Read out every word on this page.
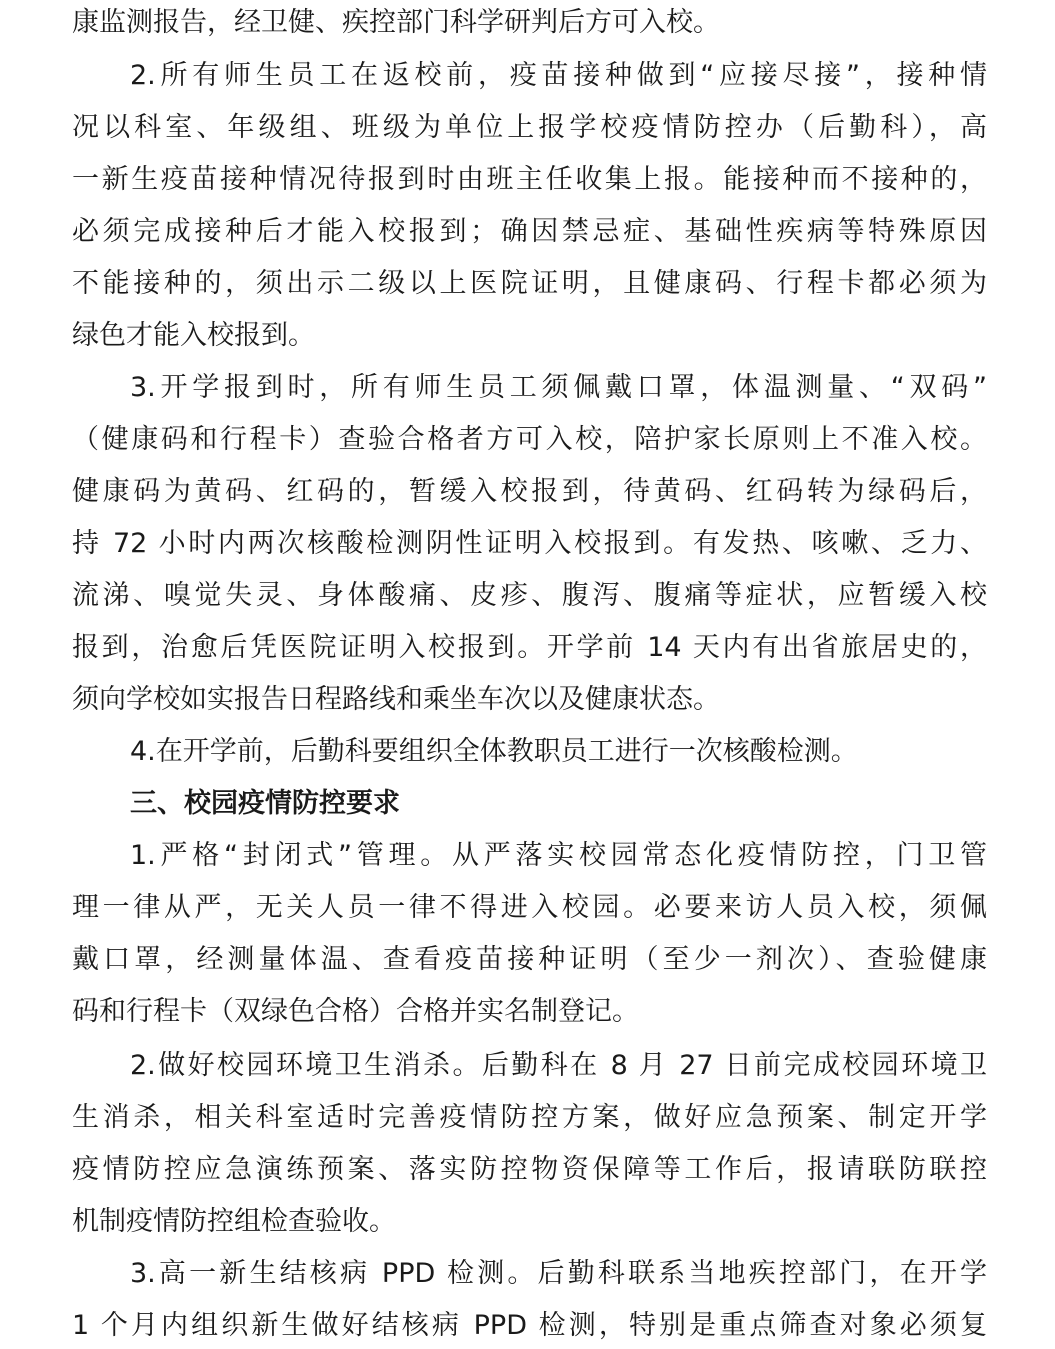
康监测报告，经卫健、疾控部门科学研判后方可入校。
2.所有师生员工在返校前，疫苗接种做到“应接尽接”，接种情
况以科室、年级组、班级为单位上报学校疫情防控办（后勤科），高
一新生疫苗接种情况待报到时由班主任收集上报。能接种而不接种的，
必须完成接种后才能入校报到；确因禁忌症、基础性疾病等特殊原因
不能接种的，须出示二级以上医院证明，且健康码、行程卡都必须为
绿色才能入校报到。
3.开学报到时，所有师生员工须佩戴口罩，体温测量、“双码”
（健康码和行程卡）查验合格者方可入校，陪护家长原则上不准入校。
健康码为黄码、红码的，暂缓入校报到，待黄码、红码转为绿码后，
持 72 小时内两次核酸检测阴性证明入校报到。有发热、咳嗽、乏力、
流涕、嗅觉失灵、身体酸痛、皮疹、腹泻、腹痛等症状，应暂缓入校
报到，治愈后凭医院证明入校报到。开学前 14 天内有出省旅居史的，
须向学校如实报告日程路线和乘坐车次以及健康状态。
4.在开学前，后勤科要组织全体教职员工进行一次核酸检测。
三、校园疫情防控要求
1.严格“封闭式”管理。从严落实校园常态化疫情防控，门卫管
理一律从严，无关人员一律不得进入校园。必要来访人员入校，须佩
戴口罩，经测量体温、查看疫苗接种证明（至少一剂次）、查验健康
码和行程卡（双绿色合格）合格并实名制登记。
2.做好校园环境卫生消杀。后勤科在 8 月 27 日前完成校园环境卫
生消杀，相关科室适时完善疫情防控方案，做好应急预案、制定开学
疫情防控应急演练预案、落实防控物资保障等工作后，报请联防联控
机制疫情防控组检查验收。
3.高一新生结核病 PPD 检测。后勤科联系当地疾控部门，在开学
1 个月内组织新生做好结核病 PPD 检测，特别是重点筛查对象必须复
